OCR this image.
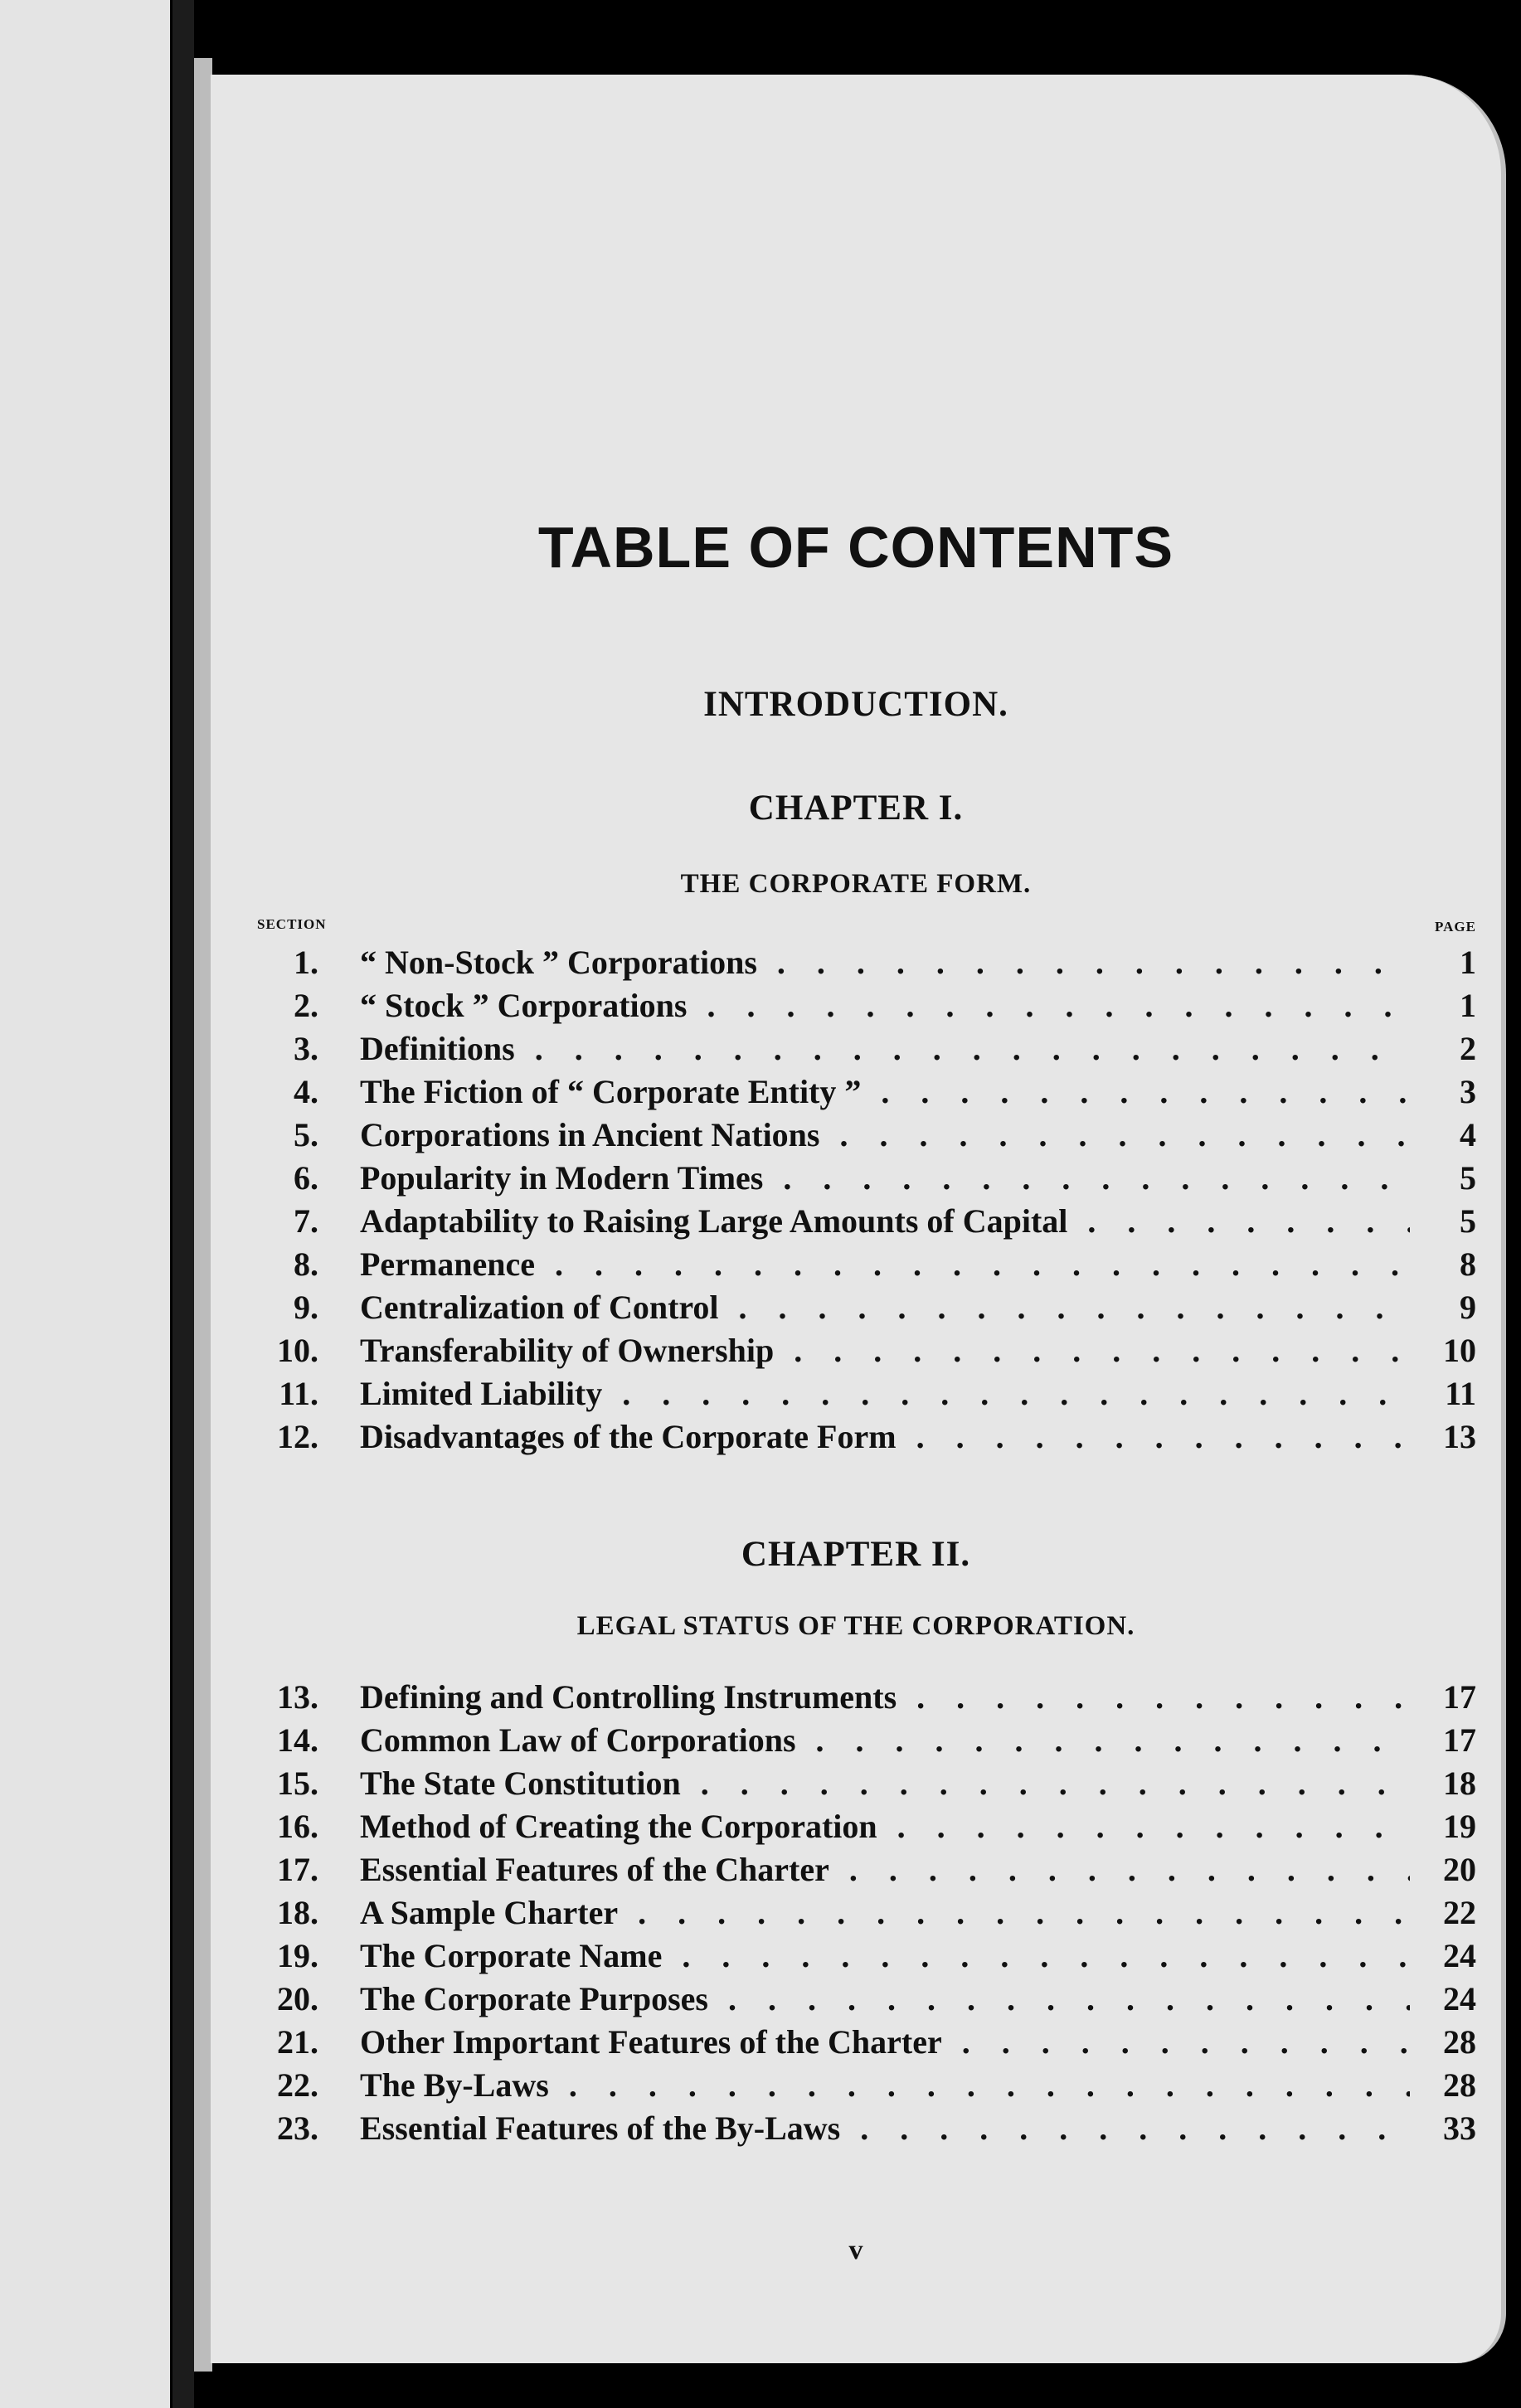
TABLE OF CONTENTS
INTRODUCTION.
CHAPTER I.
THE CORPORATE FORM.
SECTION	PAGE
1. “ Non-Stock ” Corporations . . .	1
2. “ Stock ” Corporations . . .	1
3. Definitions . . .	2
4. The Fiction of “ Corporate Entity ” . . .	3
5. Corporations in Ancient Nations . . .	4
6. Popularity in Modern Times . . .	5
7. Adaptability to Raising Large Amounts of Capital . . .	5
8. Permanence . . .	8
9. Centralization of Control . . .	9
10. Transferability of Ownership . . .	10
11. Limited Liability . . .	11
12. Disadvantages of the Corporate Form . . .	13
CHAPTER II.
LEGAL STATUS OF THE CORPORATION.
13. Defining and Controlling Instruments . . .	17
14. Common Law of Corporations . . .	17
15. The State Constitution . . .	18
16. Method of Creating the Corporation . . .	19
17. Essential Features of the Charter . . .	20
18. A Sample Charter . . .	22
19. The Corporate Name . . .	24
20. The Corporate Purposes . . .	24
21. Other Important Features of the Charter . . .	28
22. The By-Laws . . .	28
23. Essential Features of the By-Laws . . .	33
v
